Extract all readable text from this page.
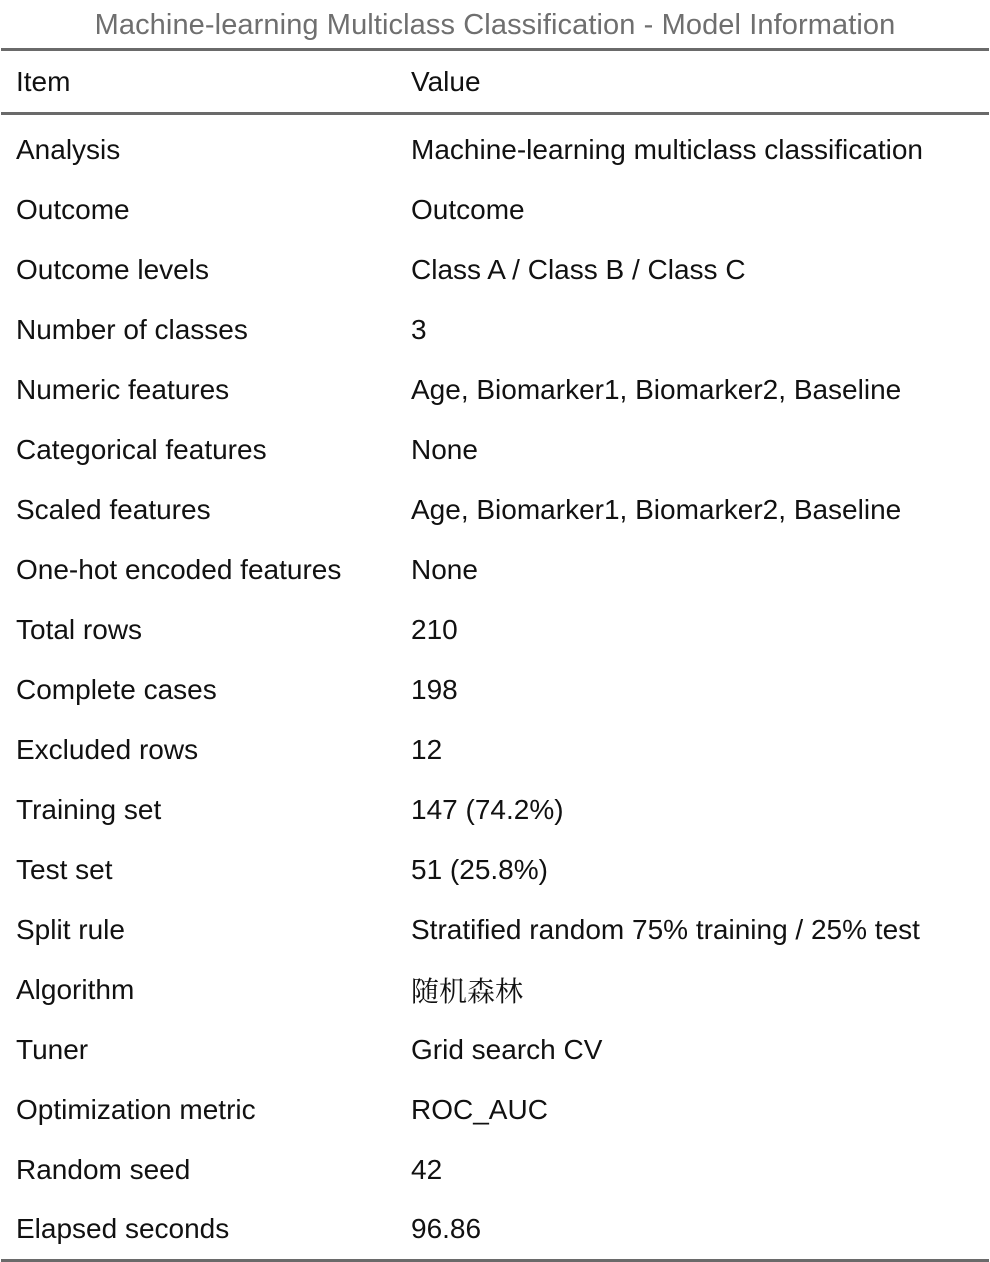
Machine-learning Multiclass Classification - Model Information
Item	Value

Analysis	Machine-learning multiclass classification
Outcome	Outcome
Outcome levels	Class A / Class B / Class C
Number of classes	3
Numeric features	Age, Biomarker1, Biomarker2, Baseline
Categorical features	None
Scaled features	Age, Biomarker1, Biomarker2, Baseline
One-hot encoded features	None
Total rows	210
Complete cases	198
Excluded rows	12
Training set	147 (74.2%)
Test set	51 (25.8%)
Split rule	Stratified random 75% training / 25% test
Algorithm	随机森林
Tuner	Grid search CV
Optimization metric	ROC_AUC
Random seed	42
Elapsed seconds	96.86
